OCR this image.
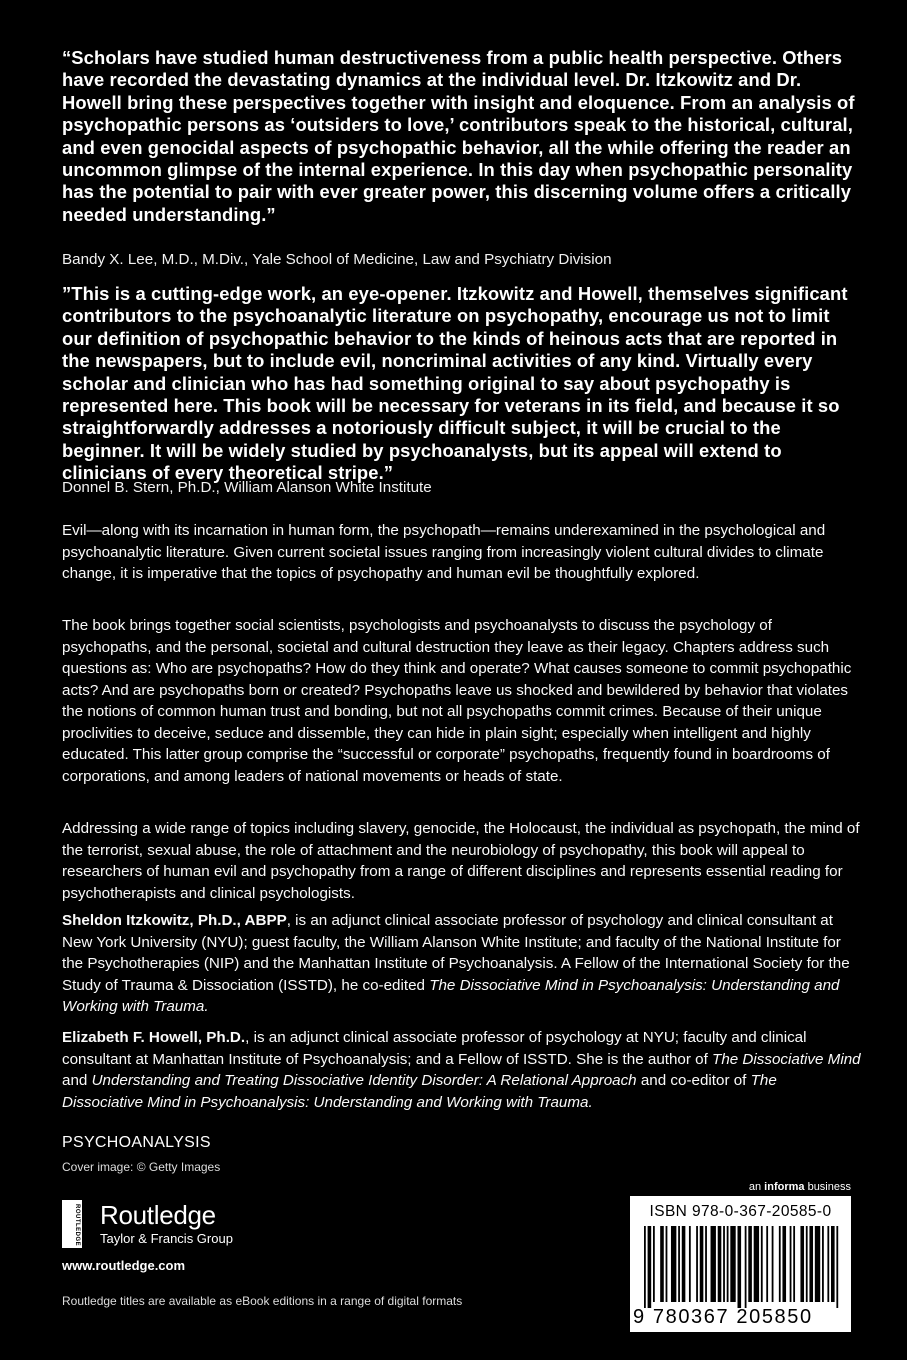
“Scholars have studied human destructiveness from a public health perspective. Others have recorded the devastating dynamics at the individual level. Dr. Itzkowitz and Dr. Howell bring these perspectives together with insight and eloquence. From an analysis of psychopathic persons as ‘outsiders to love,’ contributors speak to the historical, cultural, and even genocidal aspects of psychopathic behavior, all the while offering the reader an uncommon glimpse of the internal experience. In this day when psychopathic personality has the potential to pair with ever greater power, this discerning volume offers a critically needed understanding.”
Bandy X. Lee, M.D., M.Div., Yale School of Medicine, Law and Psychiatry Division
”This is a cutting-edge work, an eye-opener. Itzkowitz and Howell, themselves significant contributors to the psychoanalytic literature on psychopathy, encourage us not to limit our definition of psychopathic behavior to the kinds of heinous acts that are reported in the newspapers, but to include evil, noncriminal activities of any kind. Virtually every scholar and clinician who has had something original to say about psychopathy is represented here. This book will be necessary for veterans in its field, and because it so straightforwardly addresses a notoriously difficult subject, it will be crucial to the beginner. It will be widely studied by psychoanalysts, but its appeal will extend to clinicians of every theoretical stripe.”
Donnel B. Stern, Ph.D., William Alanson White Institute

Evil—along with its incarnation in human form, the psychopath—remains underexamined in the psychological and psychoanalytic literature. Given current societal issues ranging from increasingly violent cultural divides to climate change, it is imperative that the topics of psychopathy and human evil be thoughtfully explored.

The book brings together social scientists, psychologists and psychoanalysts to discuss the psychology of psychopaths, and the personal, societal and cultural destruction they leave as their legacy. Chapters address such questions as: Who are psychopaths? How do they think and operate? What causes someone to commit psychopathic acts? And are psychopaths born or created? Psychopaths leave us shocked and bewildered by behavior that violates the notions of common human trust and bonding, but not all psychopaths commit crimes. Because of their unique proclivities to deceive, seduce and dissemble, they can hide in plain sight; especially when intelligent and highly educated. This latter group comprise the “successful or corporate” psychopaths, frequently found in boardrooms of corporations, and among leaders of national movements or heads of state.

Addressing a wide range of topics including slavery, genocide, the Holocaust, the individual as psychopath, the mind of the terrorist, sexual abuse, the role of attachment and the neurobiology of psychopathy, this book will appeal to researchers of human evil and psychopathy from a range of different disciplines and represents essential reading for psychotherapists and clinical psychologists.

Sheldon Itzkowitz, Ph.D., ABPP, is an adjunct clinical associate professor of psychology and clinical consultant at New York University (NYU); guest faculty, the William Alanson White Institute; and faculty of the National Institute for the Psychotherapies (NIP) and the Manhattan Institute of Psychoanalysis. A Fellow of the International Society for the Study of Trauma & Dissociation (ISSTD), he co-edited The Dissociative Mind in Psychoanalysis: Understanding and Working with Trauma.

Elizabeth F. Howell, Ph.D., is an adjunct clinical associate professor of psychology at NYU; faculty and clinical consultant at Manhattan Institute of Psychoanalysis; and a Fellow of ISSTD. She is the author of The Dissociative Mind and Understanding and Treating Dissociative Identity Disorder: A Relational Approach and co-editor of The Dissociative Mind in Psychoanalysis: Understanding and Working with Trauma.

PSYCHOANALYSIS
Cover image: © Getty Images
ROUTLEDGE Routledge
Taylor & Francis Group
www.routledge.com
Routledge titles are available as eBook editions in a range of digital formats
an informa business
ISBN 978-0-367-20585-0
9 780367 205850
